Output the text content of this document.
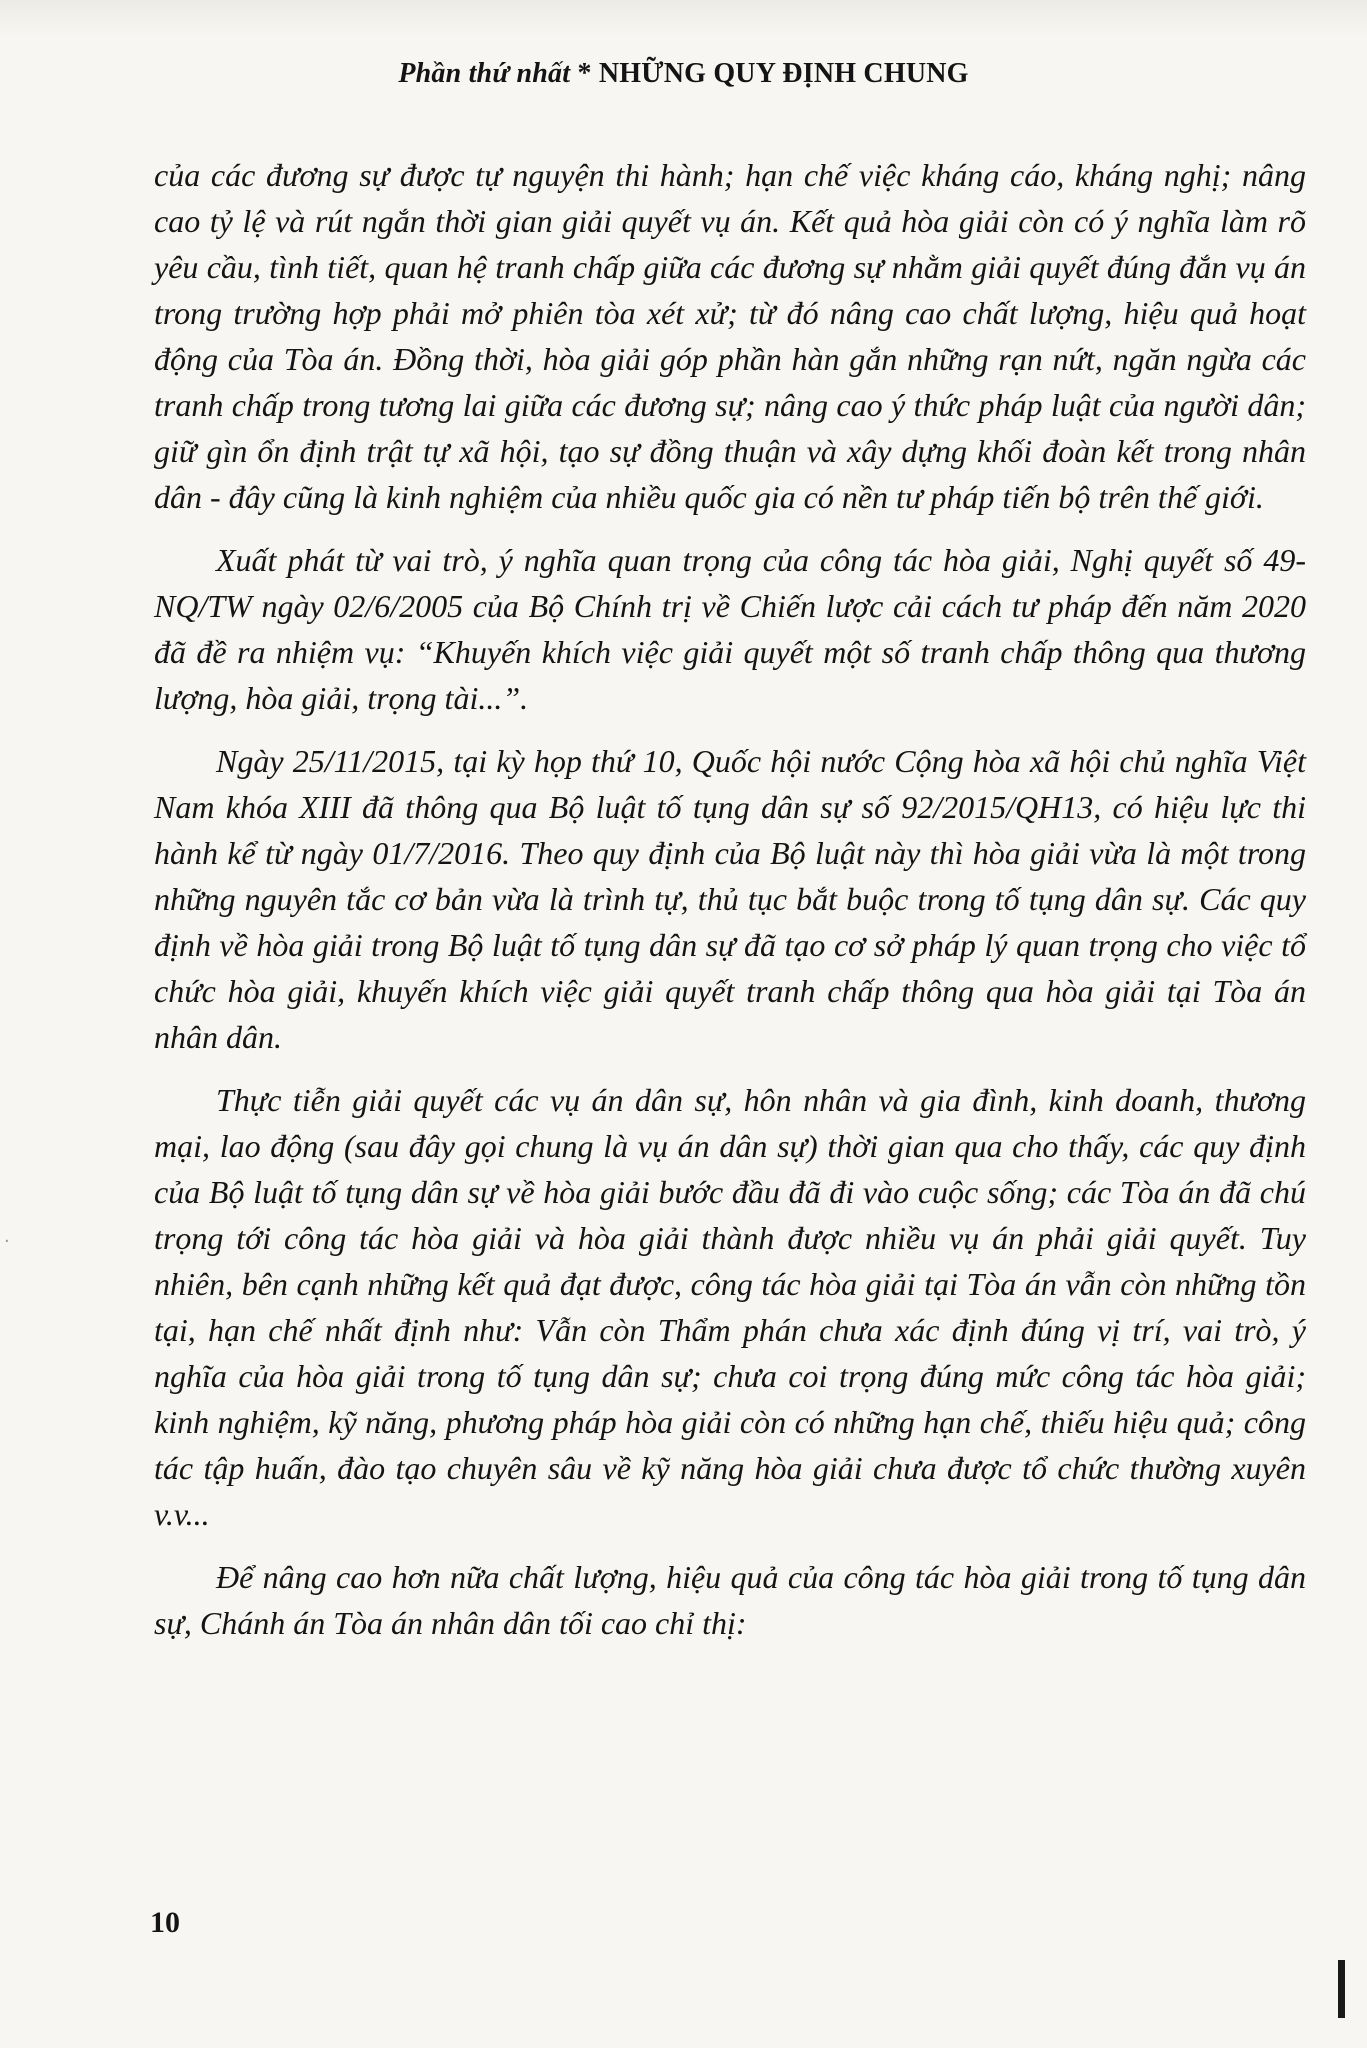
Phần thứ nhất * NHỮNG QUY ĐỊNH CHUNG

của các đương sự được tự nguyện thi hành; hạn chế việc kháng cáo, kháng nghị; nâng cao tỷ lệ và rút ngắn thời gian giải quyết vụ án. Kết quả hòa giải còn có ý nghĩa làm rõ yêu cầu, tình tiết, quan hệ tranh chấp giữa các đương sự nhằm giải quyết đúng đắn vụ án trong trường hợp phải mở phiên tòa xét xử; từ đó nâng cao chất lượng, hiệu quả hoạt động của Tòa án. Đồng thời, hòa giải góp phần hàn gắn những rạn nứt, ngăn ngừa các tranh chấp trong tương lai giữa các đương sự; nâng cao ý thức pháp luật của người dân; giữ gìn ổn định trật tự xã hội, tạo sự đồng thuận và xây dựng khối đoàn kết trong nhân dân - đây cũng là kinh nghiệm của nhiều quốc gia có nền tư pháp tiến bộ trên thế giới.

Xuất phát từ vai trò, ý nghĩa quan trọng của công tác hòa giải, Nghị quyết số 49-NQ/TW ngày 02/6/2005 của Bộ Chính trị về Chiến lược cải cách tư pháp đến năm 2020 đã đề ra nhiệm vụ: “Khuyến khích việc giải quyết một số tranh chấp thông qua thương lượng, hòa giải, trọng tài...”.

Ngày 25/11/2015, tại kỳ họp thứ 10, Quốc hội nước Cộng hòa xã hội chủ nghĩa Việt Nam khóa XIII đã thông qua Bộ luật tố tụng dân sự số 92/2015/QH13, có hiệu lực thi hành kể từ ngày 01/7/2016. Theo quy định của Bộ luật này thì hòa giải vừa là một trong những nguyên tắc cơ bản vừa là trình tự, thủ tục bắt buộc trong tố tụng dân sự. Các quy định về hòa giải trong Bộ luật tố tụng dân sự đã tạo cơ sở pháp lý quan trọng cho việc tổ chức hòa giải, khuyến khích việc giải quyết tranh chấp thông qua hòa giải tại Tòa án nhân dân.

Thực tiễn giải quyết các vụ án dân sự, hôn nhân và gia đình, kinh doanh, thương mại, lao động (sau đây gọi chung là vụ án dân sự) thời gian qua cho thấy, các quy định của Bộ luật tố tụng dân sự về hòa giải bước đầu đã đi vào cuộc sống; các Tòa án đã chú trọng tới công tác hòa giải và hòa giải thành được nhiều vụ án phải giải quyết. Tuy nhiên, bên cạnh những kết quả đạt được, công tác hòa giải tại Tòa án vẫn còn những tồn tại, hạn chế nhất định như: Vẫn còn Thẩm phán chưa xác định đúng vị trí, vai trò, ý nghĩa của hòa giải trong tố tụng dân sự; chưa coi trọng đúng mức công tác hòa giải; kinh nghiệm, kỹ năng, phương pháp hòa giải còn có những hạn chế, thiếu hiệu quả; công tác tập huấn, đào tạo chuyên sâu về kỹ năng hòa giải chưa được tổ chức thường xuyên v.v...

Để nâng cao hơn nữa chất lượng, hiệu quả của công tác hòa giải trong tố tụng dân sự, Chánh án Tòa án nhân dân tối cao chỉ thị:

10
·
